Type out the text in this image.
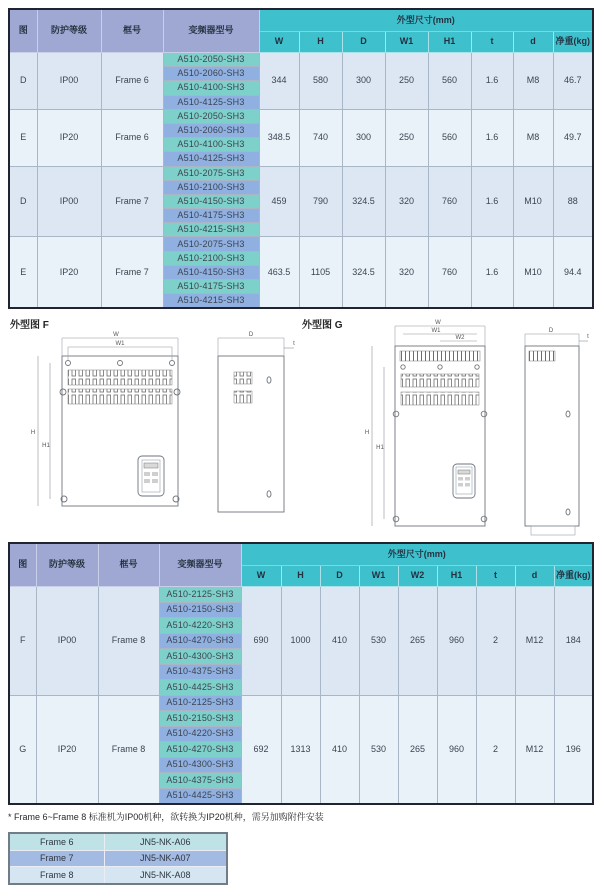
图	防护等级	框号	变频器型号	外型尺寸(mm)							
				W	H	D	W1	H1	t	d	净重(kg)
D	IP00	Frame 6	A510-2050-SH3	344	580	300	250	560	1.6	M8	46.7
			A510-2060-SH3								
			A510-4100-SH3								
			A510-4125-SH3								
E	IP20	Frame 6	A510-2050-SH3	348.5	740	300	250	560	1.6	M8	49.7
			A510-2060-SH3								
			A510-4100-SH3								
			A510-4125-SH3								
D	IP00	Frame 7	A510-2075-SH3	459	790	324.5	320	760	1.6	M10	88
			A510-2100-SH3								
			A510-4150-SH3								
			A510-4175-SH3								
			A510-4215-SH3								
E	IP20	Frame 7	A510-2075-SH3	463.5	1105	324.5	320	760	1.6	M10	94.4
			A510-2100-SH3								
			A510-4150-SH3								
			A510-4175-SH3								
			A510-4215-SH3								
外型图 F
W
W1
H
H1
D
t
外型图 G	W
W1
W2
H
H1
D
t
图	防护等级	框号	变频器型号	外型尺寸(mm)								
				W	H	D	W1	W2	H1	t	d	净重(kg)
F	IP00	Frame 8	A510-2125-SH3	690	1000	410	530	265	960	2	M12	184
			A510-2150-SH3									
			A510-4220-SH3									
			A510-4270-SH3									
			A510-4300-SH3									
			A510-4375-SH3									
			A510-4425-SH3									
G	IP20	Frame 8	A510-2125-SH3	692	1313	410	530	265	960	2	M12	196
			A510-2150-SH3									
			A510-4220-SH3									
			A510-4270-SH3									
			A510-4300-SH3									
			A510-4375-SH3									
			A510-4425-SH3									
* Frame 6~Frame 8 标准机为IP00机种，欲转换为IP20机种，需另加购附件安装
Frame 6	JN5-NK-A06
Frame 7	JN5-NK-A07
Frame 8	JN5-NK-A08
